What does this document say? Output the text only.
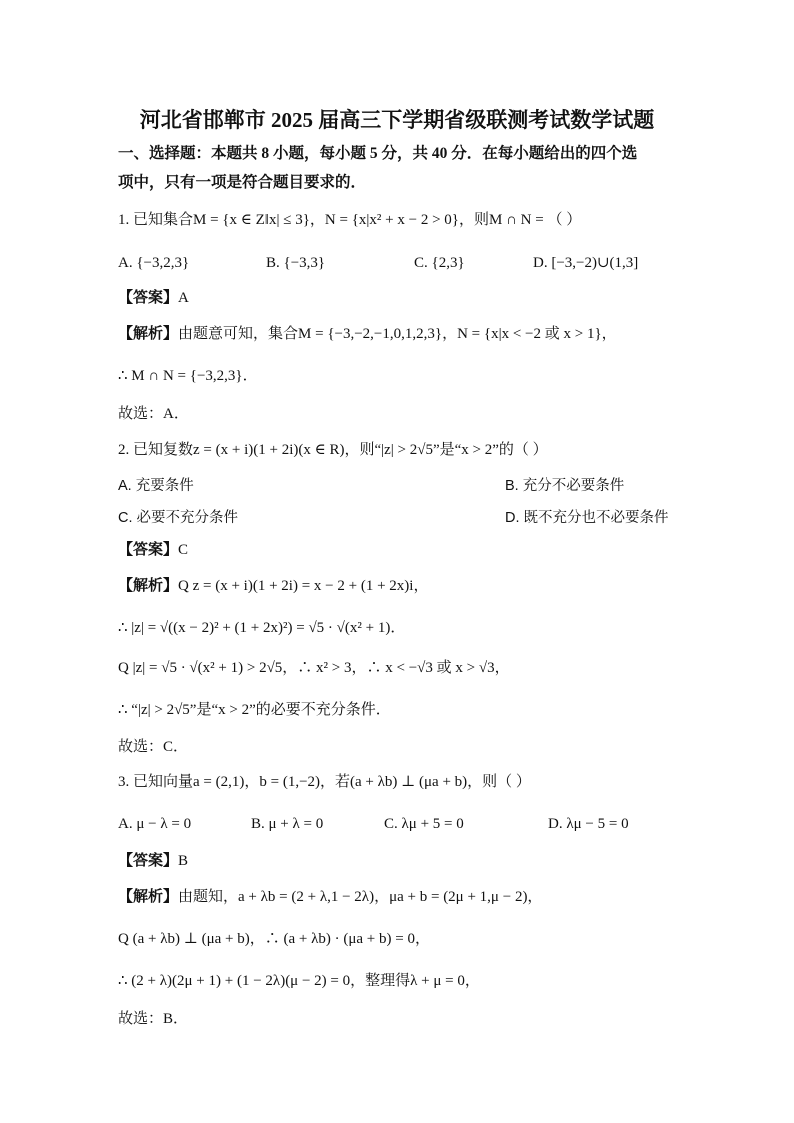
河北省邯郸市 2025 届高三下学期省级联测考试数学试题
一、选择题：本题共 8 小题，每小题 5 分，共 40 分．在每小题给出的四个选
项中，只有一项是符合题目要求的．
1. 已知集合M = {x ∈ Z‖x| ≤ 3}，N = {x|x² + x − 2 > 0}，则M ∩ N = （ ）
A. {−3,2,3}	B. {−3,3}	C. {2,3}	D. [−3,−2)∪(1,3]
【答案】A
【解析】由题意可知，集合M = {−3,−2,−1,0,1,2,3}，N = {x|x < −2 或 x > 1}，
∴ M ∩ N = {−3,2,3}．
故选：A．
2. 已知复数z = (x + i)(1 + 2i)(x ∈ R)，则“|z| > 2√5”是“x > 2”的（ ）
A. 充要条件	B. 充分不必要条件
C. 必要不充分条件	D. 既不充分也不必要条件
【答案】C
【解析】Q z = (x + i)(1 + 2i) = x − 2 + (1 + 2x)i，
∴ |z| = √((x − 2)² + (1 + 2x)²) = √5 · √(x² + 1)．
Q |z| = √5 · √(x² + 1) > 2√5，∴ x² > 3，∴ x < −√3 或 x > √3，
∴ “|z| > 2√5”是“x > 2”的必要不充分条件．
故选：C．
3. 已知向量a = (2,1)，b = (1,−2)，若(a + λb) ⊥ (μa + b)，则（ ）
A. μ − λ = 0	B. μ + λ = 0	C. λμ + 5 = 0	D. λμ − 5 = 0
【答案】B
【解析】由题知，a + λb = (2 + λ,1 − 2λ)，μa + b = (2μ + 1,μ − 2)，
Q (a + λb) ⊥ (μa + b)，∴ (a + λb) · (μa + b) = 0，
∴ (2 + λ)(2μ + 1) + (1 − 2λ)(μ − 2) = 0，整理得λ + μ = 0，
故选：B．
